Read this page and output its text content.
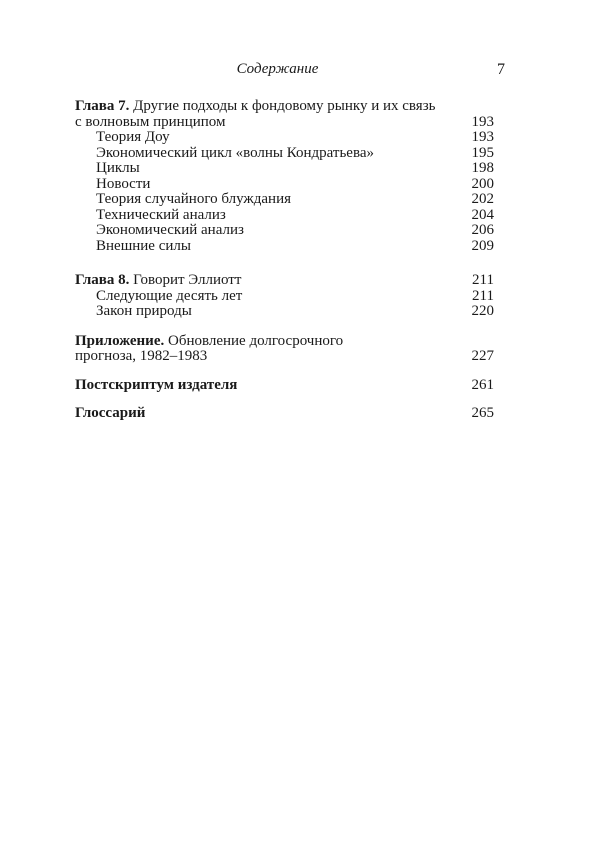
Содержание	7
Глава 7. Другие подходы к фондовому рынку и их связь
с волновым принципом	193
Теория Доу	193
Экономический цикл «волны Кондратьева»	195
Циклы	198
Новости	200
Теория случайного блуждания	202
Технический анализ	204
Экономический анализ	206
Внешние силы	209
Глава 8. Говорит Эллиотт	211
Следующие десять лет	211
Закон природы	220
Приложение. Обновление долгосрочного
прогноза, 1982–1983	227
Постскриптум издателя	261
Глоссарий	265
